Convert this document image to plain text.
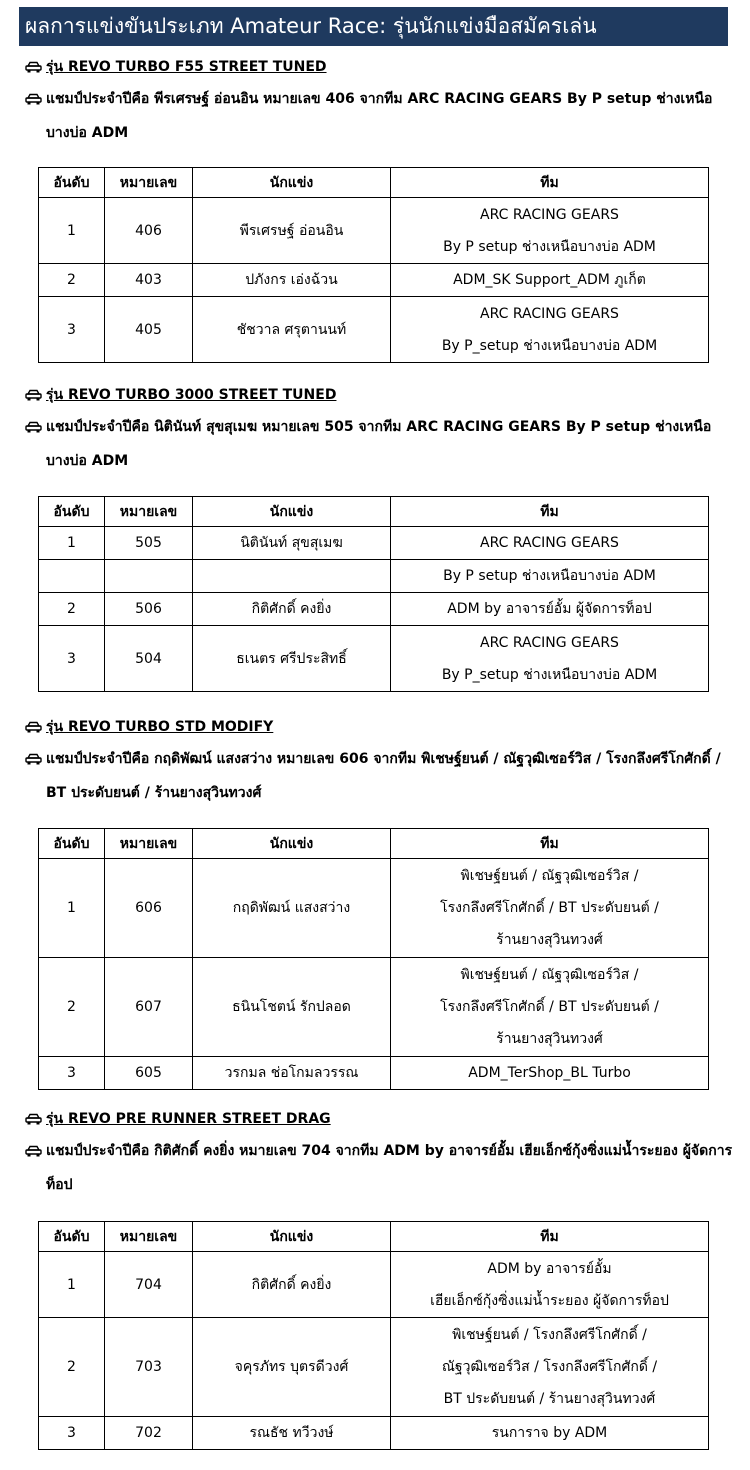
ผลการแข่งขันประเภท Amateur Race: รุ่นนักแข่งมือสมัครเล่น
รุ่น REVO TURBO F55 STREET TUNED
แชมป์ประจำปีคือ พีรเศรษฐ์ อ่อนอิน หมายเลข 406 จากทีม ARC RACING GEARS By P setup ช่างเหนือบางบ่อ ADM
รุ่น REVO TURBO 3000 STREET TUNED
แชมป์ประจำปีคือ นิตินันท์ สุขสุเมฆ หมายเลข 505 จากทีม ARC RACING GEARS By P setup ช่างเหนือบางบ่อ ADM
รุ่น REVO TURBO STD MODIFY
แชมป์ประจำปีคือ กฤดิพัฒน์ แสงสว่าง หมายเลข 606 จากทีม พิเชษฐ์ยนต์ / ณัฐวุฒิเซอร์วิส / โรงกลึงศรีโกศักดิ์ / BT ประดับยนต์ / ร้านยางสุวินทวงศ์
รุ่น REVO PRE RUNNER STREET DRAG
แชมป์ประจำปีคือ กิติศักดิ์ คงยิ่ง หมายเลข 704 จากทีม ADM by อาจารย์อั้ม เฮียเอ็กซ์กุ้งซิ่งแม่น้ำระยอง ผู้จัดการท็อป
อันดับ	หมายเลข	นักแข่ง	ทีม
1	406	พีรเศรษฐ์ อ่อนอิน	ARC RACING GEARS
By P setup ช่างเหนือบางบ่อ ADM

2	403	ปภังกร เอ่งฉ้วน	ADM_SK Support_ADM ภูเก็ต

3	405	ชัชวาล ศรุตานนท์	ARC RACING GEARS
By P_setup ช่างเหนือบางบ่อ ADM
อันดับ	หมายเลข	นักแข่ง	ทีม
1	505	นิตินันท์ สุขสุเมฆ	ARC RACING GEARS

			By P setup ช่างเหนือบางบ่อ ADM

2	506	กิติศักดิ์ คงยิ่ง	ADM by อาจารย์อั้ม ผู้จัดการท็อป

3	504	ธเนตร ศรีประสิทธิ์	ARC RACING GEARS
By P_setup ช่างเหนือบางบ่อ ADM
อันดับ	หมายเลข	นักแข่ง	ทีม
1	606	กฤดิพัฒน์ แสงสว่าง	พิเชษฐ์ยนต์ / ณัฐวุฒิเซอร์วิส /
โรงกลึงศรีโกศักดิ์ / BT ประดับยนต์ /
ร้านยางสุวินทวงศ์

2	607	ธนินโชตน์ รักปลอด	พิเชษฐ์ยนต์ / ณัฐวุฒิเซอร์วิส /
โรงกลึงศรีโกศักดิ์ / BT ประดับยนต์ /
ร้านยางสุวินทวงศ์

3	605	วรกมล ช่อโกมลวรรณ	ADM_TerShop_BL Turbo
อันดับ	หมายเลข	นักแข่ง	ทีม
1	704	กิติศักดิ์ คงยิ่ง	ADM by อาจารย์อั้ม
เฮียเอ็กซ์กุ้งซิ่งแม่น้ำระยอง ผู้จัดการท็อป

2	703	จคุรภัทร บุตรดีวงศ์	พิเชษฐ์ยนต์ / โรงกลึงศรีโกศักดิ์ /
ณัฐวุฒิเซอร์วิส / โรงกลึงศรีโกศักดิ์ /
BT ประดับยนต์ / ร้านยางสุวินทวงศ์

3	702	รณธัช ทวีวงษ์	รนการาจ by ADM
